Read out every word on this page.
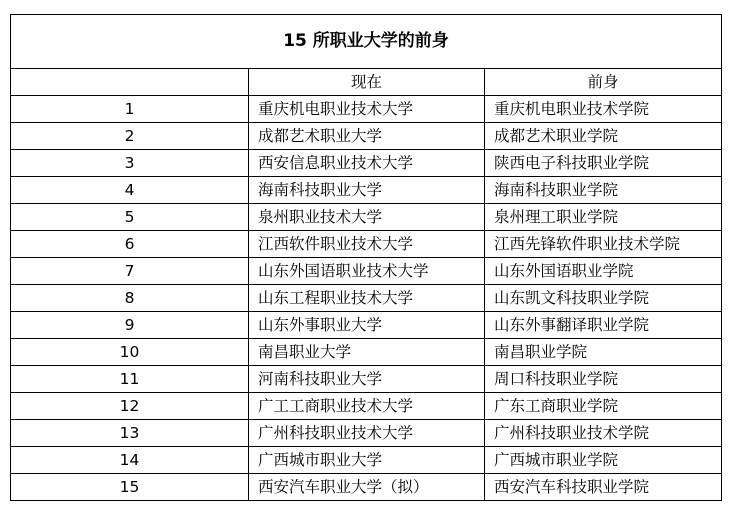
15 所职业大学的前身		
	现在	前身
1	重庆机电职业技术大学	重庆机电职业技术学院
2	成都艺术职业大学	成都艺术职业学院
3	西安信息职业技术大学	陕西电子科技职业学院
4	海南科技职业大学	海南科技职业学院
5	泉州职业技术大学	泉州理工职业学院
6	江西软件职业技术大学	江西先锋软件职业技术学院
7	山东外国语职业技术大学	山东外国语职业学院
8	山东工程职业技术大学	山东凯文科技职业学院
9	山东外事职业大学	山东外事翻译职业学院
10	南昌职业大学	南昌职业学院
11	河南科技职业大学	周口科技职业学院
12	广工工商职业技术大学	广东工商职业学院
13	广州科技职业技术大学	广州科技职业技术学院
14	广西城市职业大学	广西城市职业学院
15	西安汽车职业大学（拟）	西安汽车科技职业学院
